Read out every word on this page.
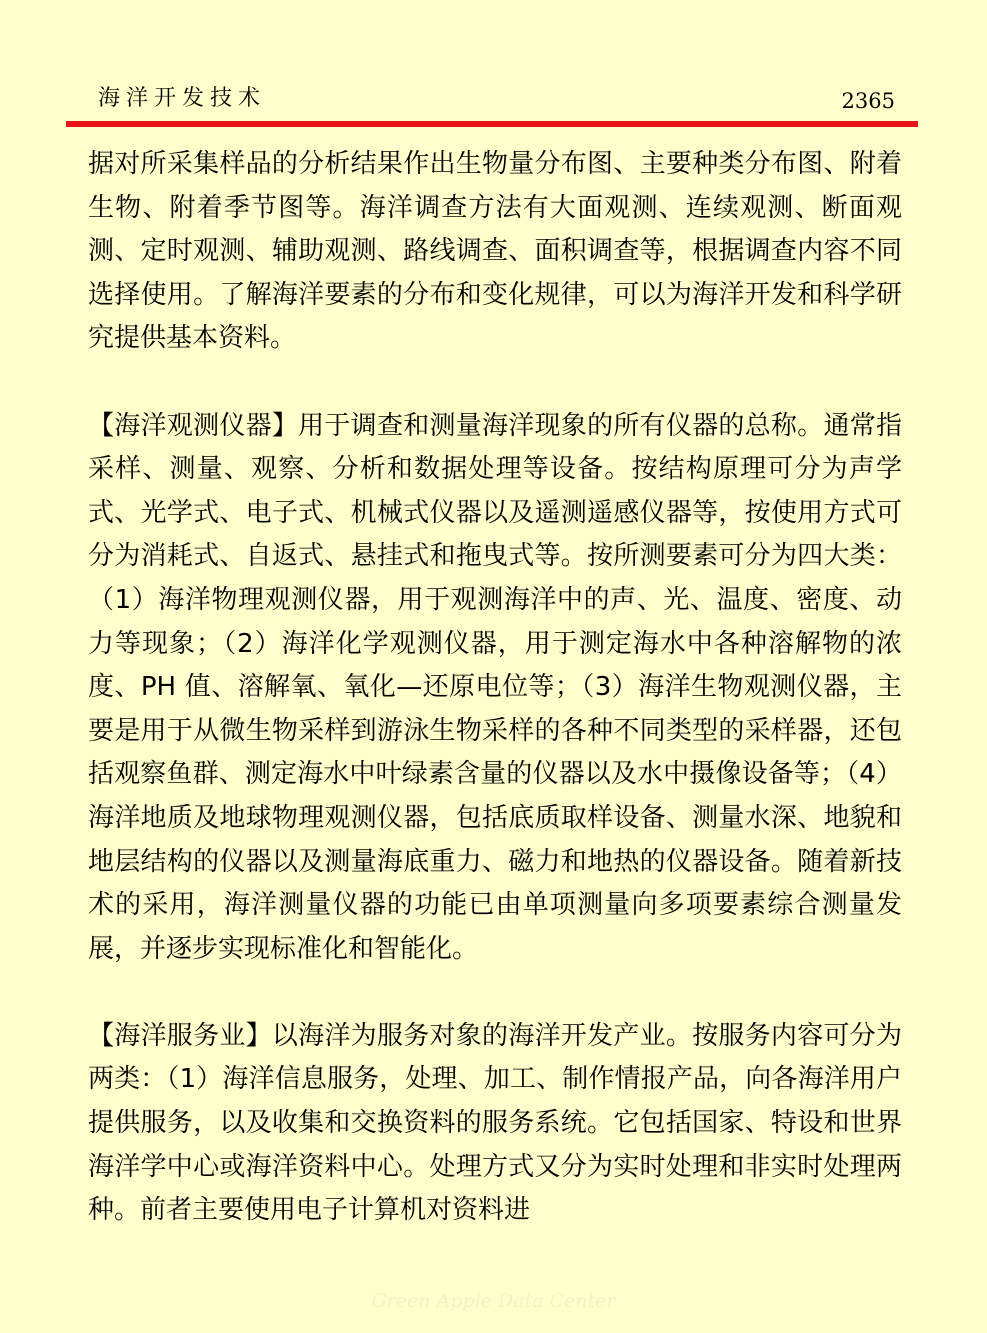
海洋开发技术	2365

据对所采集样品的分析结果作出生物量分布图、主要种类分布图、附着生物、附着季节图等。海洋调查方法有大面观测、连续观测、断面观测、定时观测、辅助观测、路线调查、面积调查等，根据调查内容不同选择使用。了解海洋要素的分布和变化规律，可以为海洋开发和科学研究提供基本资料。

【海洋观测仪器】用于调查和测量海洋现象的所有仪器的总称。通常指采样、测量、观察、分析和数据处理等设备。按结构原理可分为声学式、光学式、电子式、机械式仪器以及遥测遥感仪器等，按使用方式可分为消耗式、自返式、悬挂式和拖曳式等。按所测要素可分为四大类：（1）海洋物理观测仪器，用于观测海洋中的声、光、温度、密度、动力等现象；（2）海洋化学观测仪器，用于测定海水中各种溶解物的浓度、PH 值、溶解氧、氧化—还原电位等；（3）海洋生物观测仪器，主要是用于从微生物采样到游泳生物采样的各种不同类型的采样器，还包括观察鱼群、测定海水中叶绿素含量的仪器以及水中摄像设备等；（4）海洋地质及地球物理观测仪器，包括底质取样设备、测量水深、地貌和地层结构的仪器以及测量海底重力、磁力和地热的仪器设备。随着新技术的采用，海洋测量仪器的功能已由单项测量向多项要素综合测量发展，并逐步实现标准化和智能化。

【海洋服务业】以海洋为服务对象的海洋开发产业。按服务内容可分为两类：（1）海洋信息服务，处理、加工、制作情报产品，向各海洋用户提供服务，以及收集和交换资料的服务系统。它包括国家、特设和世界海洋学中心或海洋资料中心。处理方式又分为实时处理和非实时处理两种。前者主要使用电子计算机对资料进

Green Apple Data Center
